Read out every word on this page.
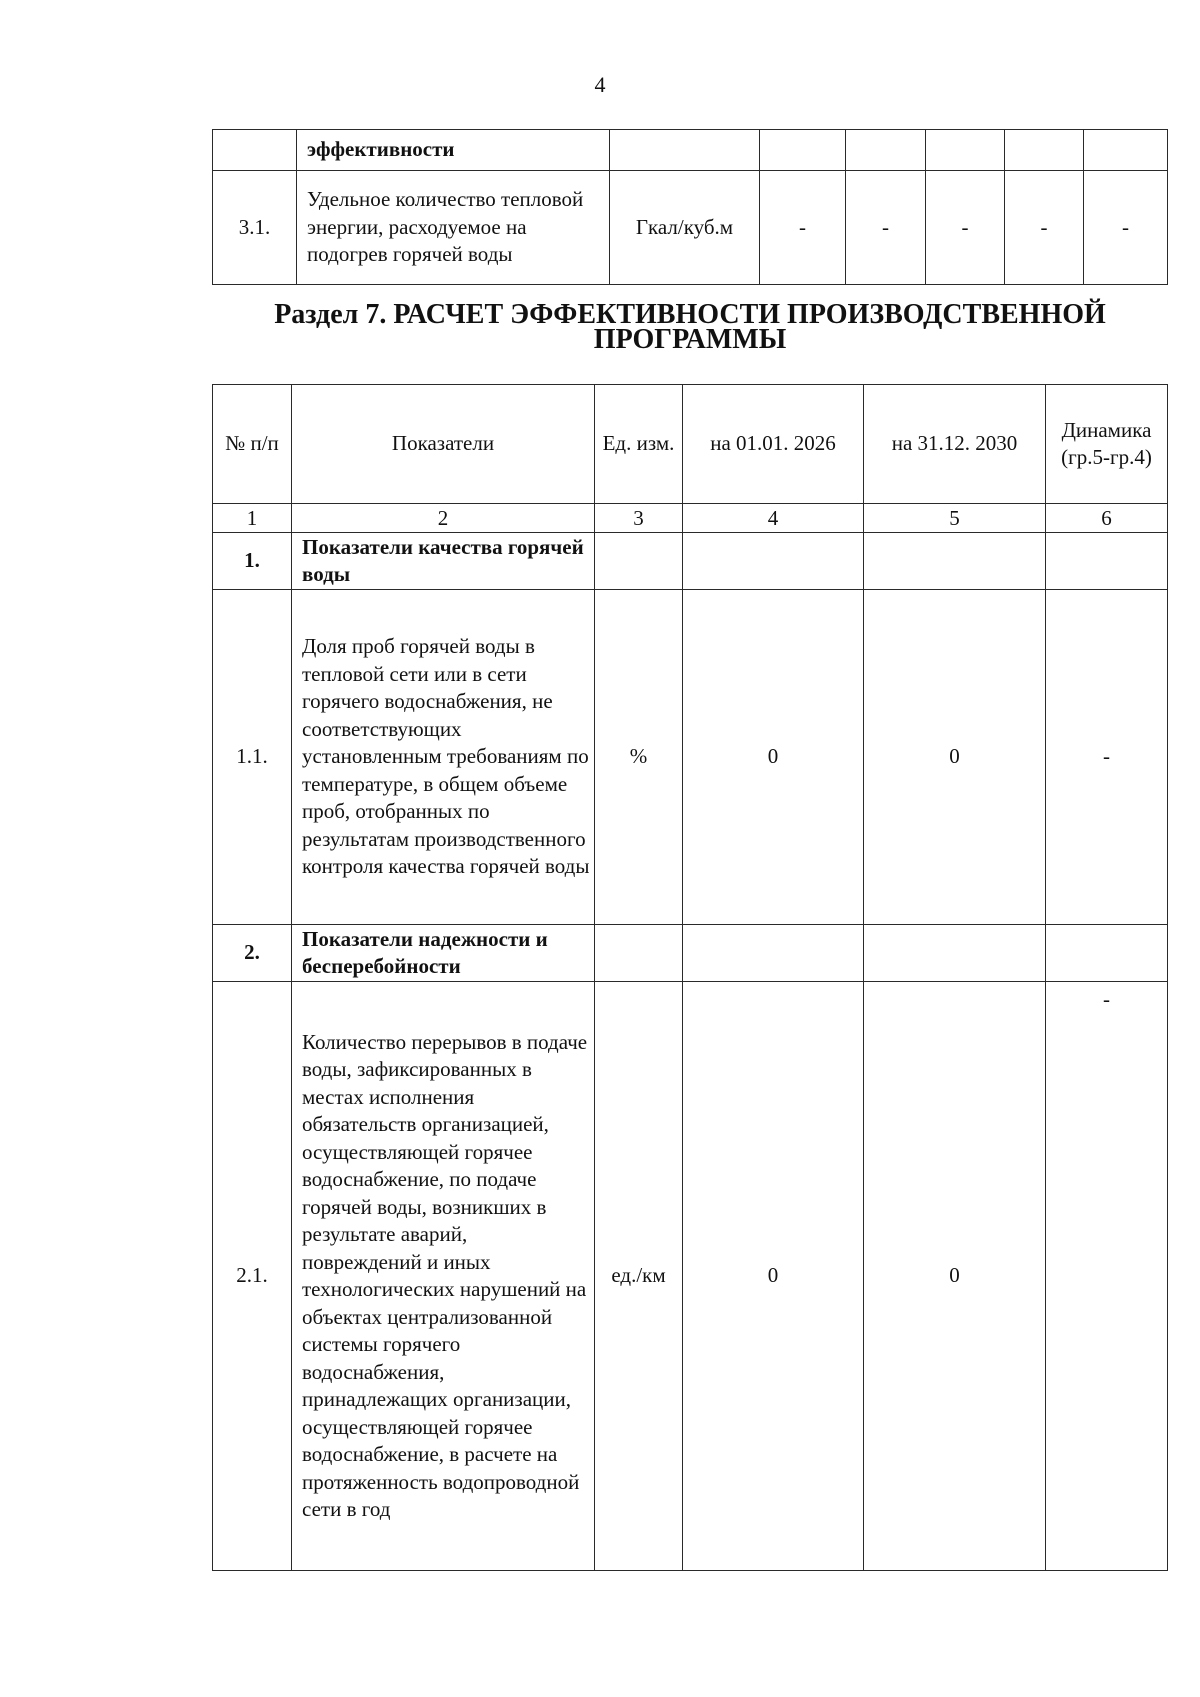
4
	эффективности						
3.1.	Удельное количество тепловой энергии, расходуемое на подогрев горячей воды	Гкал/куб.м	-	-	-	-	-
Раздел 7. РАСЧЕТ ЭФФЕКТИВНОСТИ ПРОИЗВОДСТВЕННОЙ ПРОГРАММЫ
№ п/п	Показатели	Ед. изм.	на 01.01. 2026	на 31.12. 2030	Динамика (гр.5-гр.4)
1	2	3	4	5	6
1.	Показатели качества горячей воды				
1.1.	Доля проб горячей воды в тепловой сети или в сети горячего водоснабжения, не соответствующих установленным требованиям по температуре, в общем объеме проб, отобранных по результатам производственного контроля качества горячей воды	%	0	0	-
2.	Показатели надежности и бесперебойности				
2.1.	Количество перерывов в подаче воды, зафиксированных в местах исполнения обязательств организацией, осуществляющей горячее водоснабжение, по подаче горячей воды, возникших в результате аварий, повреждений и иных технологических нарушений на объектах централизованной системы горячего водоснабжения, принадлежащих организации, осуществляющей горячее водоснабжение, в расчете на протяженность водопроводной сети в год	ед./км	0	0	-
